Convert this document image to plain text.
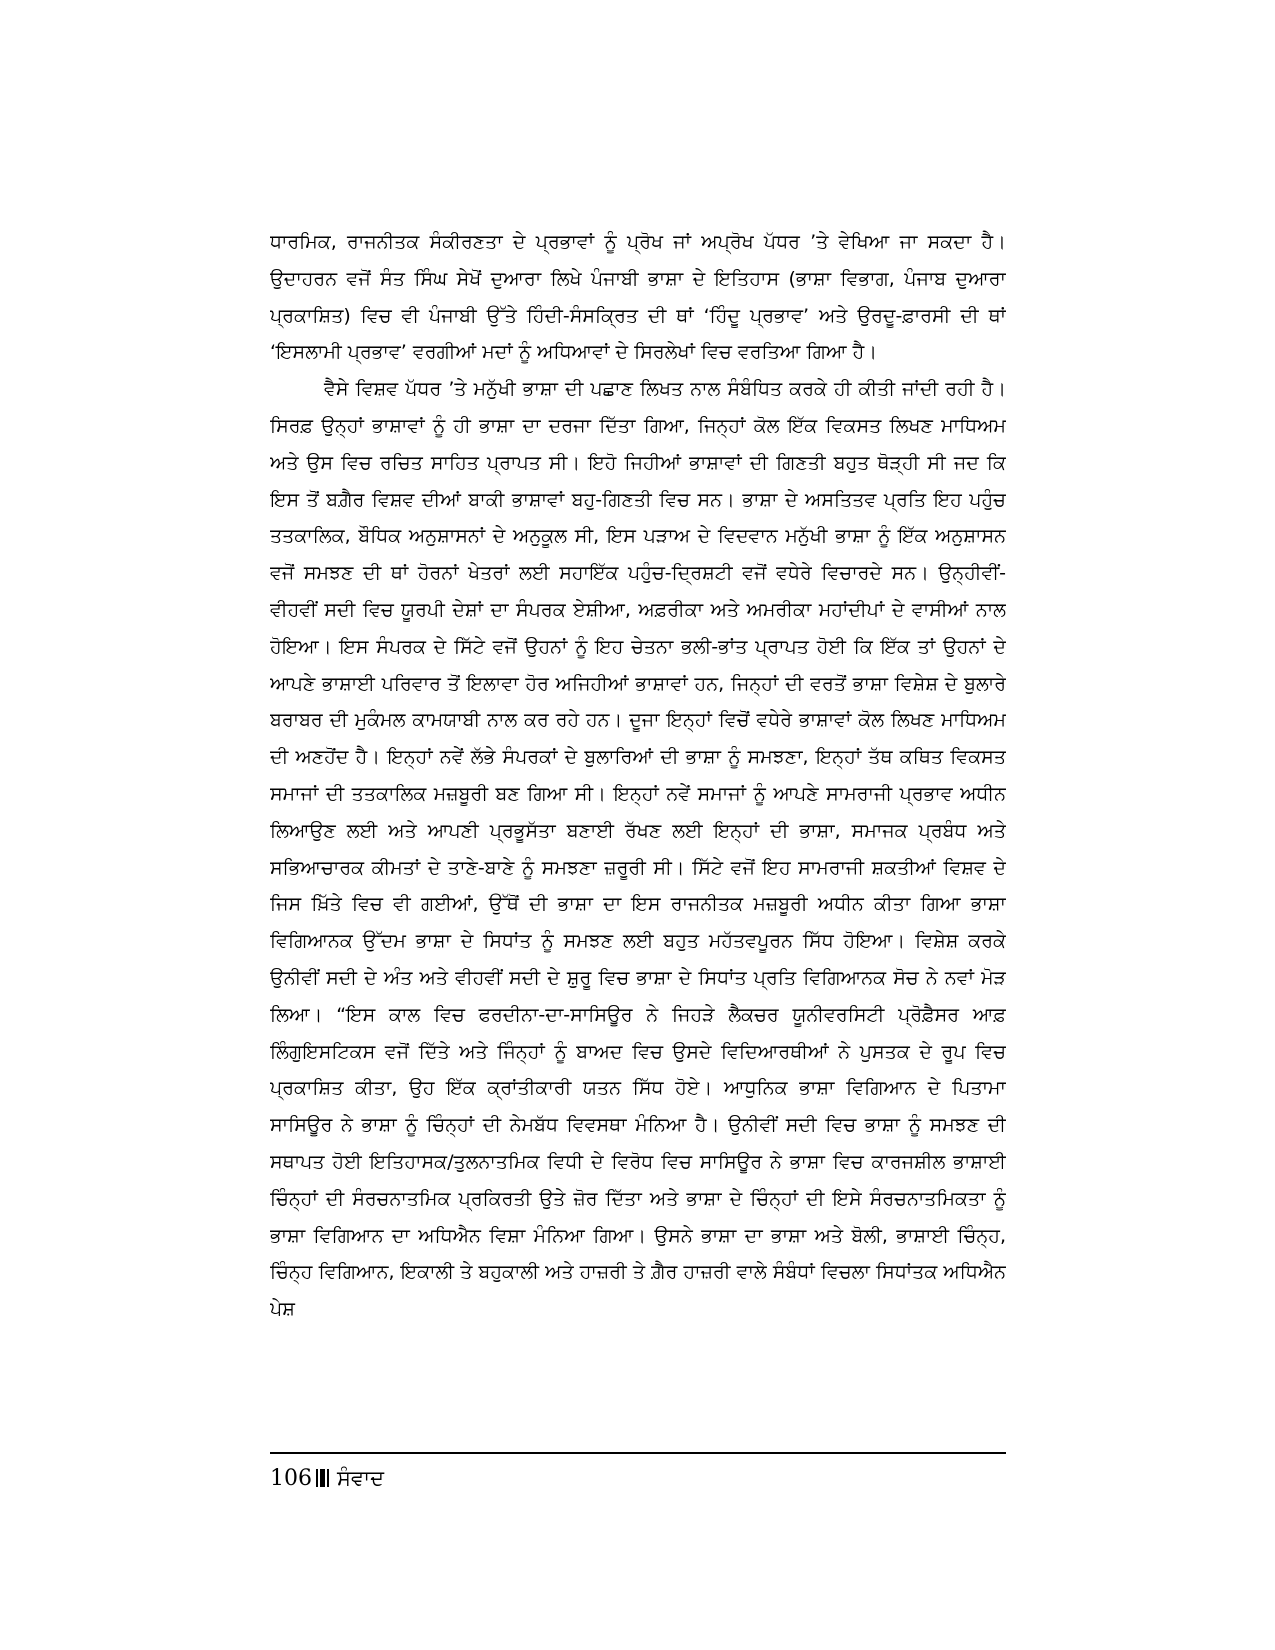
ਧਾਰਮਿਕ, ਰਾਜਨੀਤਕ ਸੰਕੀਰਣਤਾ ਦੇ ਪ੍ਰਭਾਵਾਂ ਨੂੰ ਪ੍ਰੋਖ ਜਾਂ ਅਪ੍ਰੋਖ ਪੱਧਰ ’ਤੇ ਵੇਖਿਆ ਜਾ ਸਕਦਾ ਹੈ। ਉਦਾਹਰਨ ਵਜੋਂ ਸੰਤ ਸਿੰਘ ਸੇਖੋਂ ਦੁਆਰਾ ਲਿਖੇ ਪੰਜਾਬੀ ਭਾਸ਼ਾ ਦੇ ਇਤਿਹਾਸ (ਭਾਸ਼ਾ ਵਿਭਾਗ, ਪੰਜਾਬ ਦੁਆਰਾ ਪ੍ਰਕਾਸ਼ਿਤ) ਵਿਚ ਵੀ ਪੰਜਾਬੀ ਉੱਤੇ ਹਿੰਦੀ-ਸੰਸਕ੍ਰਿਤ ਦੀ ਥਾਂ ‘ਹਿੰਦੂ ਪ੍ਰਭਾਵ’ ਅਤੇ ਉਰਦੂ-ਫ਼ਾਰਸੀ ਦੀ ਥਾਂ ‘ਇਸਲਾਮੀ ਪ੍ਰਭਾਵ’ ਵਰਗੀਆਂ ਮਦਾਂ ਨੂੰ ਅਧਿਆਵਾਂ ਦੇ ਸਿਰਲੇਖਾਂ ਵਿਚ ਵਰਤਿਆ ਗਿਆ ਹੈ।

ਵੈਸੇ ਵਿਸ਼ਵ ਪੱਧਰ ’ਤੇ ਮਨੁੱਖੀ ਭਾਸ਼ਾ ਦੀ ਪਛਾਣ ਲਿਖਤ ਨਾਲ ਸੰਬੰਧਿਤ ਕਰਕੇ ਹੀ ਕੀਤੀ ਜਾਂਦੀ ਰਹੀ ਹੈ। ਸਿਰਫ਼ ਉਨ੍ਹਾਂ ਭਾਸ਼ਾਵਾਂ ਨੂੰ ਹੀ ਭਾਸ਼ਾ ਦਾ ਦਰਜਾ ਦਿੱਤਾ ਗਿਆ, ਜਿਨ੍ਹਾਂ ਕੋਲ ਇੱਕ ਵਿਕਸਤ ਲਿਖਣ ਮਾਧਿਅਮ ਅਤੇ ਉਸ ਵਿਚ ਰਚਿਤ ਸਾਹਿਤ ਪ੍ਰਾਪਤ ਸੀ। ਇਹੋ ਜਿਹੀਆਂ ਭਾਸ਼ਾਵਾਂ ਦੀ ਗਿਣਤੀ ਬਹੁਤ ਥੋੜ੍ਹੀ ਸੀ ਜਦ ਕਿ ਇਸ ਤੋਂ ਬਗ਼ੈਰ ਵਿਸ਼ਵ ਦੀਆਂ ਬਾਕੀ ਭਾਸ਼ਾਵਾਂ ਬਹੁ-ਗਿਣਤੀ ਵਿਚ ਸਨ। ਭਾਸ਼ਾ ਦੇ ਅਸਤਿਤਵ ਪ੍ਰਤਿ ਇਹ ਪਹੁੰਚ ਤਤਕਾਲਿਕ, ਬੌਧਿਕ ਅਨੁਸ਼ਾਸਨਾਂ ਦੇ ਅਨੁਕੂਲ ਸੀ, ਇਸ ਪੜਾਅ ਦੇ ਵਿਦਵਾਨ ਮਨੁੱਖੀ ਭਾਸ਼ਾ ਨੂੰ ਇੱਕ ਅਨੁਸ਼ਾਸਨ ਵਜੋਂ ਸਮਝਣ ਦੀ ਥਾਂ ਹੋਰਨਾਂ ਖੇਤਰਾਂ ਲਈ ਸਹਾਇੱਕ ਪਹੁੰਚ-ਦ੍ਰਿਸ਼ਟੀ ਵਜੋਂ ਵਧੇਰੇ ਵਿਚਾਰਦੇ ਸਨ। ਉਨ੍ਹੀਵੀਂ-ਵੀਹਵੀਂ ਸਦੀ ਵਿਚ ਯੂਰਪੀ ਦੇਸ਼ਾਂ ਦਾ ਸੰਪਰਕ ਏਸ਼ੀਆ, ਅਫ਼ਰੀਕਾ ਅਤੇ ਅਮਰੀਕਾ ਮਹਾਂਦੀਪਾਂ ਦੇ ਵਾਸੀਆਂ ਨਾਲ ਹੋਇਆ। ਇਸ ਸੰਪਰਕ ਦੇ ਸਿੱਟੇ ਵਜੋਂ ਉਹਨਾਂ ਨੂੰ ਇਹ ਚੇਤਨਾ ਭਲੀ-ਭਾਂਤ ਪ੍ਰਾਪਤ ਹੋਈ ਕਿ ਇੱਕ ਤਾਂ ਉਹਨਾਂ ਦੇ ਆਪਣੇ ਭਾਸ਼ਾਈ ਪਰਿਵਾਰ ਤੋਂ ਇਲਾਵਾ ਹੋਰ ਅਜਿਹੀਆਂ ਭਾਸ਼ਾਵਾਂ ਹਨ, ਜਿਨ੍ਹਾਂ ਦੀ ਵਰਤੋਂ ਭਾਸ਼ਾ ਵਿਸ਼ੇਸ਼ ਦੇ ਬੁਲਾਰੇ ਬਰਾਬਰ ਦੀ ਮੁਕੰਮਲ ਕਾਮਯਾਬੀ ਨਾਲ ਕਰ ਰਹੇ ਹਨ। ਦੂਜਾ ਇਨ੍ਹਾਂ ਵਿਚੋਂ ਵਧੇਰੇ ਭਾਸ਼ਾਵਾਂ ਕੋਲ ਲਿਖਣ ਮਾਧਿਅਮ ਦੀ ਅਣਹੋਂਦ ਹੈ। ਇਨ੍ਹਾਂ ਨਵੇਂ ਲੱਭੇ ਸੰਪਰਕਾਂ ਦੇ ਬੁਲਾਰਿਆਂ ਦੀ ਭਾਸ਼ਾ ਨੂੰ ਸਮਝਣਾ, ਇਨ੍ਹਾਂ ਤੱਥ ਕਥਿਤ ਵਿਕਸਤ ਸਮਾਜਾਂ ਦੀ ਤਤਕਾਲਿਕ ਮਜ਼ਬੂਰੀ ਬਣ ਗਿਆ ਸੀ। ਇਨ੍ਹਾਂ ਨਵੇਂ ਸਮਾਜਾਂ ਨੂੰ ਆਪਣੇ ਸਾਮਰਾਜੀ ਪ੍ਰਭਾਵ ਅਧੀਨ ਲਿਆਉਣ ਲਈ ਅਤੇ ਆਪਣੀ ਪ੍ਰਭੂਸੱਤਾ ਬਣਾਈ ਰੱਖਣ ਲਈ ਇਨ੍ਹਾਂ ਦੀ ਭਾਸ਼ਾ, ਸਮਾਜਕ ਪ੍ਰਬੰਧ ਅਤੇ ਸਭਿਆਚਾਰਕ ਕੀਮਤਾਂ ਦੇ ਤਾਣੇ-ਬਾਣੇ ਨੂੰ ਸਮਝਣਾ ਜ਼ਰੂਰੀ ਸੀ। ਸਿੱਟੇ ਵਜੋਂ ਇਹ ਸਾਮਰਾਜੀ ਸ਼ਕਤੀਆਂ ਵਿਸ਼ਵ ਦੇ ਜਿਸ ਖ਼ਿੱਤੇ ਵਿਚ ਵੀ ਗਈਆਂ, ਉੱਥੋਂ ਦੀ ਭਾਸ਼ਾ ਦਾ ਇਸ ਰਾਜਨੀਤਕ ਮਜ਼ਬੂਰੀ ਅਧੀਨ ਕੀਤਾ ਗਿਆ ਭਾਸ਼ਾ ਵਿਗਿਆਨਕ ਉੱਦਮ ਭਾਸ਼ਾ ਦੇ ਸਿਧਾਂਤ ਨੂੰ ਸਮਝਣ ਲਈ ਬਹੁਤ ਮਹੱਤਵਪੂਰਨ ਸਿੱਧ ਹੋਇਆ। ਵਿਸ਼ੇਸ਼ ਕਰਕੇ ਉਨੀਵੀਂ ਸਦੀ ਦੇ ਅੰਤ ਅਤੇ ਵੀਹਵੀਂ ਸਦੀ ਦੇ ਸ਼ੁਰੂ ਵਿਚ ਭਾਸ਼ਾ ਦੇ ਸਿਧਾਂਤ ਪ੍ਰਤਿ ਵਿਗਿਆਨਕ ਸੋਚ ਨੇ ਨਵਾਂ ਮੋੜ ਲਿਆ। “ਇਸ ਕਾਲ ਵਿਚ ਫਰਦੀਨਾ-ਦਾ-ਸਾਸਿਊਰ ਨੇ ਜਿਹੜੇ ਲੈਕਚਰ ਯੂਨੀਵਰਸਿਟੀ ਪ੍ਰੋਫ਼ੈਸਰ ਆਫ਼ ਲਿੰਗੁਇਸਟਿਕਸ ਵਜੋਂ ਦਿੱਤੇ ਅਤੇ ਜਿੰਨ੍ਹਾਂ ਨੂੰ ਬਾਅਦ ਵਿਚ ਉਸਦੇ ਵਿਦਿਆਰਥੀਆਂ ਨੇ ਪੁਸਤਕ ਦੇ ਰੂਪ ਵਿਚ ਪ੍ਰਕਾਸ਼ਿਤ ਕੀਤਾ, ਉਹ ਇੱਕ ਕ੍ਰਾਂਤੀਕਾਰੀ ਯਤਨ ਸਿੱਧ ਹੋਏ। ਆਧੁਨਿਕ ਭਾਸ਼ਾ ਵਿਗਿਆਨ ਦੇ ਪਿਤਾਮਾ ਸਾਸਿਊਰ ਨੇ ਭਾਸ਼ਾ ਨੂੰ ਚਿੰਨ੍ਹਾਂ ਦੀ ਨੇਮਬੱਧ ਵਿਵਸਥਾ ਮੰਨਿਆ ਹੈ। ਉਨੀਵੀਂ ਸਦੀ ਵਿਚ ਭਾਸ਼ਾ ਨੂੰ ਸਮਝਣ ਦੀ ਸਥਾਪਤ ਹੋਈ ਇਤਿਹਾਸਕ/ਤੁਲਨਾਤਮਿਕ ਵਿਧੀ ਦੇ ਵਿਰੋਧ ਵਿਚ ਸਾਸਿਊਰ ਨੇ ਭਾਸ਼ਾ ਵਿਚ ਕਾਰਜਸ਼ੀਲ ਭਾਸ਼ਾਈ ਚਿੰਨ੍ਹਾਂ ਦੀ ਸੰਰਚਨਾਤਮਿਕ ਪ੍ਰਕਿਰਤੀ ਉਤੇ ਜ਼ੋਰ ਦਿੱਤਾ ਅਤੇ ਭਾਸ਼ਾ ਦੇ ਚਿੰਨ੍ਹਾਂ ਦੀ ਇਸੇ ਸੰਰਚਨਾਤਮਿਕਤਾ ਨੂੰ ਭਾਸ਼ਾ ਵਿਗਿਆਨ ਦਾ ਅਧਿਐਨ ਵਿਸ਼ਾ ਮੰਨਿਆ ਗਿਆ। ਉਸਨੇ ਭਾਸ਼ਾ ਦਾ ਭਾਸ਼ਾ ਅਤੇ ਬੋਲੀ, ਭਾਸ਼ਾਈ ਚਿੰਨ੍ਹ, ਚਿੰਨ੍ਹ ਵਿਗਿਆਨ, ਇਕਾਲੀ ਤੇ ਬਹੁਕਾਲੀ ਅਤੇ ਹਾਜ਼ਰੀ ਤੇ ਗ਼ੈਰ ਹਾਜ਼ਰੀ ਵਾਲੇ ਸੰਬੰਧਾਂ ਵਿਚਲਾ ਸਿਧਾਂਤਕ ਅਧਿਐਨ ਪੇਸ਼

106 ਸੰਵਾਦ
